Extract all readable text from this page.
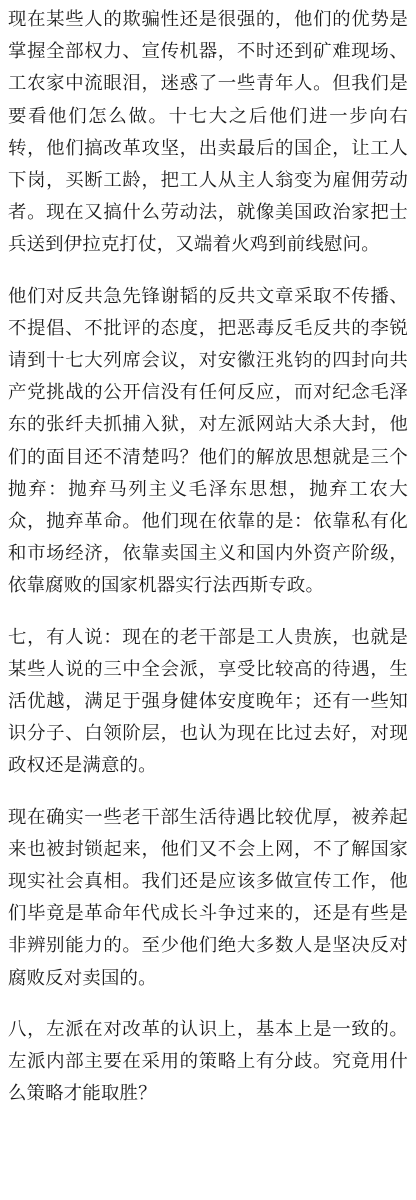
现在某些人的欺骗性还是很强的，他们的优势是掌握全部权力、宣传机器，不时还到矿难现场、工农家中流眼泪，迷惑了一些青年人。但我们是要看他们怎么做。十七大之后他们进一步向右转，他们搞改革攻坚，出卖最后的国企，让工人下岗，买断工龄，把工人从主人翁变为雇佣劳动者。现在又搞什么劳动法，就像美国政治家把士兵送到伊拉克打仗，又端着火鸡到前线慰问。

他们对反共急先锋谢韬的反共文章采取不传播、不提倡、不批评的态度，把恶毒反毛反共的李锐请到十七大列席会议，对安徽汪兆钧的四封向共产党挑战的公开信没有任何反应，而对纪念毛泽东的张纤夫抓捕入狱，对左派网站大杀大封，他们的面目还不清楚吗？他们的解放思想就是三个抛弃：抛弃马列主义毛泽东思想，抛弃工农大众，抛弃革命。他们现在依靠的是：依靠私有化和市场经济，依靠卖国主义和国内外资产阶级，依靠腐败的国家机器实行法西斯专政。

七，有人说：现在的老干部是工人贵族，也就是某些人说的三中全会派，享受比较高的待遇，生活优越，满足于强身健体安度晚年；还有一些知识分子、白领阶层，也认为现在比过去好，对现政权还是满意的。

现在确实一些老干部生活待遇比较优厚，被养起来也被封锁起来，他们又不会上网，不了解国家现实社会真相。我们还是应该多做宣传工作，他们毕竟是革命年代成长斗争过来的，还是有些是非辨别能力的。至少他们绝大多数人是坚决反对腐败反对卖国的。

八，左派在对改革的认识上，基本上是一致的。左派内部主要在采用的策略上有分歧。究竟用什么策略才能取胜？
